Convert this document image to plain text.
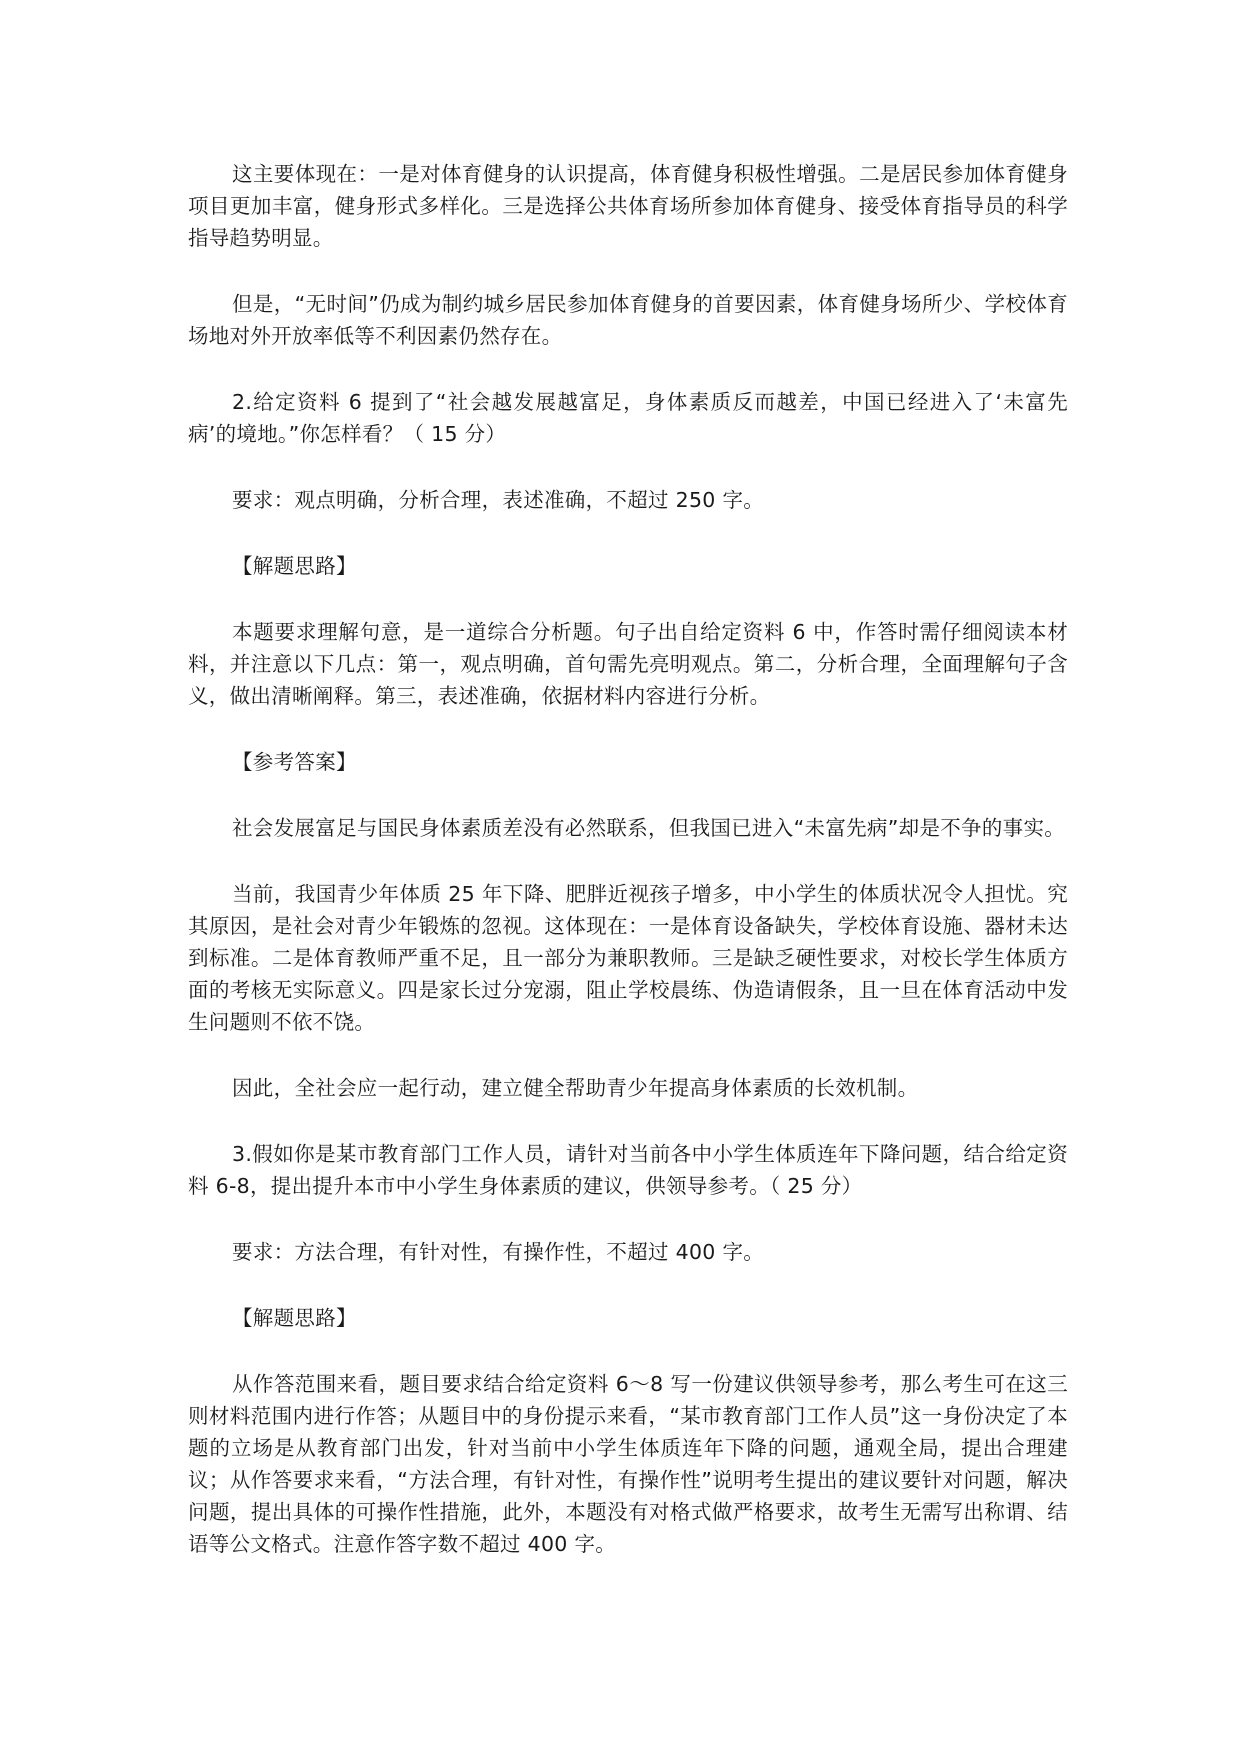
这主要体现在：一是对体育健身的认识提高，体育健身积极性增强。二是居民参加体育健身项目更加丰富，健身形式多样化。三是选择公共体育场所参加体育健身、接受体育指导员的科学指导趋势明显。

但是，“无时间”仍成为制约城乡居民参加体育健身的首要因素，体育健身场所少、学校体育场地对外开放率低等不利因素仍然存在。

2.给定资料 6 提到了“社会越发展越富足，身体素质反而越差，中国已经进入了‘未富先病’的境地。”你怎样看？（ 15 分）

要求：观点明确，分析合理，表述准确，不超过 250 字。

【解题思路】

本题要求理解句意，是一道综合分析题。句子出自给定资料 6 中，作答时需仔细阅读本材料，并注意以下几点：第一，观点明确，首句需先亮明观点。第二，分析合理，全面理解句子含义，做出清晰阐释。第三，表述准确，依据材料内容进行分析。

【参考答案】

社会发展富足与国民身体素质差没有必然联系，但我国已进入“未富先病”却是不争的事实。

当前，我国青少年体质 25 年下降、肥胖近视孩子增多，中小学生的体质状况令人担忧。究其原因，是社会对青少年锻炼的忽视。这体现在：一是体育设备缺失，学校体育设施、器材未达到标准。二是体育教师严重不足，且一部分为兼职教师。三是缺乏硬性要求，对校长学生体质方面的考核无实际意义。四是家长过分宠溺，阻止学校晨练、伪造请假条，且一旦在体育活动中发生问题则不依不饶。

因此，全社会应一起行动，建立健全帮助青少年提高身体素质的长效机制。

3.假如你是某市教育部门工作人员，请针对当前各中小学生体质连年下降问题，结合给定资料 6-8，提出提升本市中小学生身体素质的建议，供领导参考。（ 25 分）

要求：方法合理，有针对性，有操作性，不超过 400 字。

【解题思路】

从作答范围来看，题目要求结合给定资料 6～8 写一份建议供领导参考，那么考生可在这三则材料范围内进行作答；从题目中的身份提示来看，“某市教育部门工作人员”这一身份决定了本题的立场是从教育部门出发，针对当前中小学生体质连年下降的问题，通观全局，提出合理建议；从作答要求来看，“方法合理，有针对性，有操作性”说明考生提出的建议要针对问题，解决问题，提出具体的可操作性措施，此外，本题没有对格式做严格要求，故考生无需写出称谓、结语等公文格式。注意作答字数不超过 400 字。
